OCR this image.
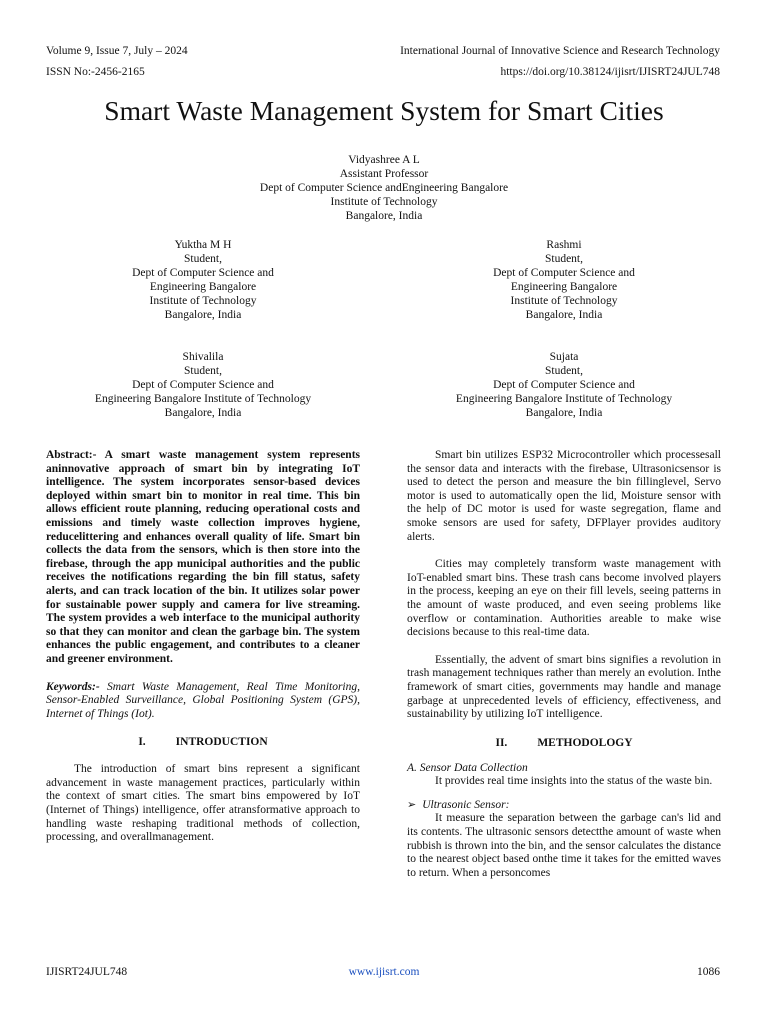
Volume 9, Issue 7, July – 2024	International Journal of Innovative Science and Research Technology
ISSN No:-2456-2165	https://doi.org/10.38124/ijisrt/IJISRT24JUL748
Smart Waste Management System for Smart Cities
Vidyashree A L
Assistant Professor
Dept of Computer Science andEngineering Bangalore
Institute of Technology
Bangalore, India
Yuktha M H
Student,
Dept of Computer Science and
Engineering Bangalore
Institute of Technology
Bangalore, India
Rashmi
Student,
Dept of Computer Science and
Engineering Bangalore
Institute of Technology
Bangalore, India
Shivalila
Student,
Dept of Computer Science and
Engineering Bangalore Institute of Technology
Bangalore, India
Sujata
Student,
Dept of Computer Science and
Engineering Bangalore Institute of Technology
Bangalore, India
Abstract:- A smart waste management system represents aninnovative approach of smart bin by integrating IoT intelligence. The system incorporates sensor-based devices deployed within smart bin to monitor in real time. This bin allows efficient route planning, reducing operational costs and emissions and timely waste collection improves hygiene, reducelittering and enhances overall quality of life. Smart bin collects the data from the sensors, which is then store into the firebase, through the app municipal authorities and the public receives the notifications regarding the bin fill status, safety alerts, and can track location of the bin. It utilizes solar power for sustainable power supply and camera for live streaming. The system provides a web interface to the municipal authority so that they can monitor and clean the garbage bin. The system enhances the public engagement, and contributes to a cleaner and greener environment.
Keywords:- Smart Waste Management, Real Time Monitoring, Sensor-Enabled Surveillance, Global Positioning System (GPS), Internet of Things (Iot).
I.	INTRODUCTION
The introduction of smart bins represent a significant advancement in waste management practices, particularly within the context of smart cities. The smart bins empowered by IoT (Internet of Things) intelligence, offer atransformative approach to handling waste reshaping traditional methods of collection, processing, and overallmanagement.
Smart bin utilizes ESP32 Microcontroller which processesall the sensor data and interacts with the firebase, Ultrasonicsensor is used to detect the person and measure the bin fillinglevel, Servo motor is used to automatically open the lid, Moisture sensor with the help of DC motor is used for waste segregation, flame and smoke sensors are used for safety, DFPlayer provides auditory alerts.
Cities may completely transform waste management with IoT-enabled smart bins. These trash cans become involved players in the process, keeping an eye on their fill levels, seeing patterns in the amount of waste produced, and even seeing problems like overflow or contamination. Authorities areable to make wise decisions because to this real-time data.
Essentially, the advent of smart bins signifies a revolution in trash management techniques rather than merely an evolution. Inthe framework of smart cities, governments may handle and manage garbage at unprecedented levels of efficiency, effectiveness, and sustainability by utilizing IoT intelligence.
II.	METHODOLOGY
A. Sensor Data Collection
It provides real time insights into the status of the waste bin.
➢ Ultrasonic Sensor:
It measure the separation between the garbage can's lid and its contents. The ultrasonic sensors detectthe amount of waste when rubbish is thrown into the bin, and the sensor calculates the distance to the nearest object based onthe time it takes for the emitted waves to return. When a personcomes
IJISRT24JUL748	www.ijisrt.com	1086
